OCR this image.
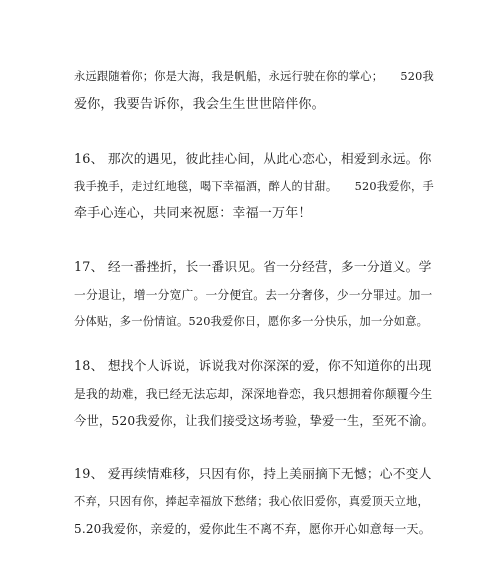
永远跟随着你；你是大海，我是帆船，永远行驶在你的掌心；　　520我
爱你，我要告诉你，我会生生世世陪伴你。
16、 那次的遇见，彼此挂心间，从此心恋心，相爱到永远。你
我手挽手，走过红地毯，喝下幸福酒，醉人的甘甜。　　520我爱你，手
牵手心连心，共同来祝愿：幸福一万年！
17、 经一番挫折，长一番识见。省一分经营，多一分道义。学
一分退让，增一分宽广。一分便宜。去一分奢侈，少一分罪过。加一
分体贴，多一份情谊。520我爱你日，愿你多一分快乐，加一分如意。
18、 想找个人诉说，诉说我对你深深的爱，你不知道你的出现
是我的劫难，我已经无法忘却，深深地眷恋，我只想拥着你颠覆今生
今世，520我爱你，让我们接受这场考验，挚爱一生，至死不渝。
19、 爱再续情难移，只因有你，持上美丽摘下无憾；心不变人
不弃，只因有你，捧起幸福放下愁绪；我心依旧爱你，真爱顶天立地，
5.20我爱你，亲爱的，爱你此生不离不弃，愿你开心如意每一天。
